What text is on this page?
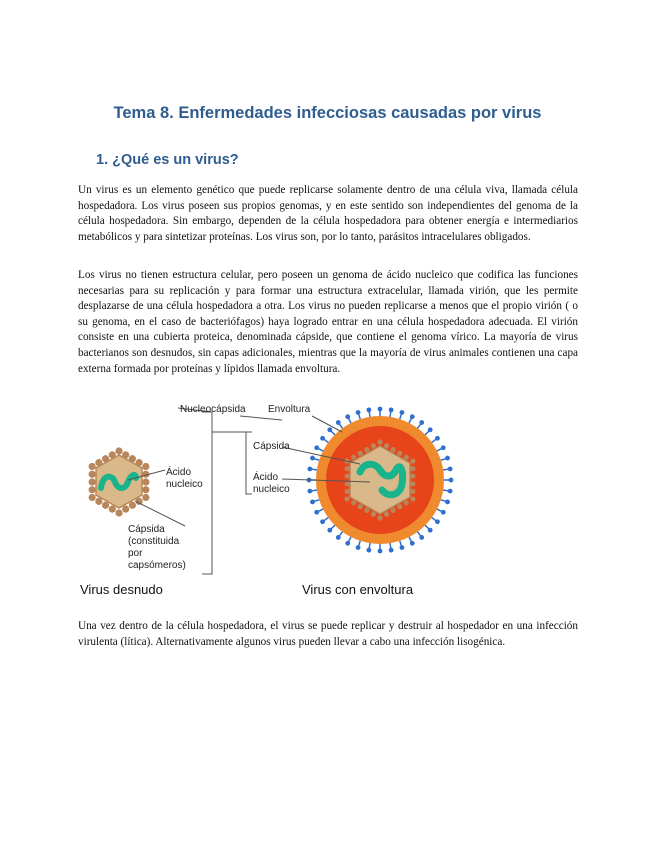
Tema 8. Enfermedades infecciosas causadas por virus
1. ¿Qué es un virus?

Un virus es un elemento genético que puede replicarse solamente dentro de una célula viva, llamada célula hospedadora. Los virus poseen sus propios genomas, y en este sentido son independientes del genoma de la célula hospedadora. Sin embargo, dependen de la célula hospedadora para obtener energía e intermediarios metabólicos y para sintetizar proteínas. Los virus son, por lo tanto, parásitos intracelulares obligados.

Los virus no tienen estructura celular, pero poseen un genoma de ácido nucleico que codifica las funciones necesarias para su replicación y para formar una estructura extracelular, llamada virión, que les permite desplazarse de una célula hospedadora a otra. Los virus no pueden replicarse a menos que el propio virión ( o su genoma, en el caso de bacteriófagos) haya logrado entrar en una célula hospedadora adecuada. El virión consiste en una cubierta proteica, denominada cápside, que contiene el genoma vírico. La mayoría de virus bacterianos son desnudos, sin capas adicionales, mientras que la mayoría de virus animales contienen una capa externa formada por proteínas y lípidos llamada envoltura.

Ácido
nucleico
Cápsida
(constituida
por
capsómeros)
Nucleocápsida Envoltura
Cápsida
Ácido
nucleico
Virus desnudo	Virus con envoltura

Una vez dentro de la célula hospedadora, el virus se puede replicar y destruir al hospedador en una infección virulenta (lítica). Alternativamente algunos virus pueden llevar a cabo una infección lisogénica.
